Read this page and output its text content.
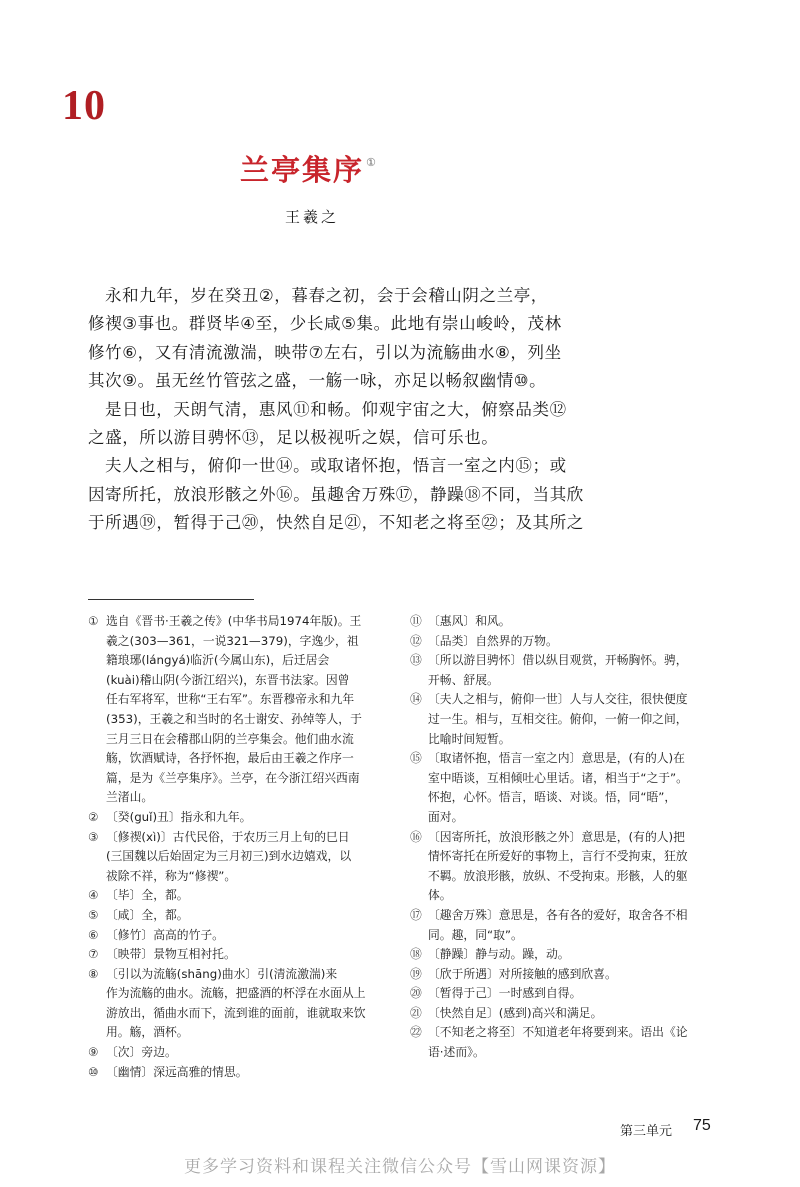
10
兰亭集序 ①
王羲之
永和九年，岁在癸丑②，暮春之初，会于会稽山阴之兰亭，
修禊③事也。群贤毕④至，少长咸⑤集。此地有崇山峻岭，茂林
修竹⑥，又有清流激湍，映带⑦左右，引以为流觞曲水⑧，列坐
其次⑨。虽无丝竹管弦之盛，一觞一咏，亦足以畅叙幽情⑩。
是日也，天朗气清，惠风⑪和畅。仰观宇宙之大，俯察品类⑫
之盛，所以游目骋怀⑬，足以极视听之娱，信可乐也。
夫人之相与，俯仰一世⑭。或取诸怀抱，悟言一室之内⑮；或
因寄所托，放浪形骸之外⑯。虽趣舍万殊⑰，静躁⑱不同，当其欣
于所遇⑲，暂得于己⑳，快然自足㉑，不知老之将至㉒；及其所之
① 选自《晋书·王羲之传》(中华书局1974年版)。王
羲之(303—361，一说321—379)，字逸少，祖
籍琅琊(lángyá)临沂(今属山东)，后迁居会
(kuài)稽山阴(今浙江绍兴)，东晋书法家。因曾
任右军将军，世称“王右军”。东晋穆帝永和九年
(353)，王羲之和当时的名士谢安、孙绰等人，于
三月三日在会稽郡山阴的兰亭集会。他们曲水流
觞，饮酒赋诗，各抒怀抱，最后由王羲之作序一
篇，是为《兰亭集序》。兰亭，在今浙江绍兴西南
兰渚山。
② 〔癸(guǐ)丑〕指永和九年。
③ 〔修禊(xì)〕古代民俗，于农历三月上旬的巳日
(三国魏以后始固定为三月初三)到水边嬉戏，以
祓除不祥，称为“修禊”。
④ 〔毕〕全，都。
⑤ 〔咸〕全，都。
⑥ 〔修竹〕高高的竹子。
⑦ 〔映带〕景物互相衬托。
⑧ 〔引以为流觞(shāng)曲水〕引(清流激湍)来
作为流觞的曲水。流觞，把盛酒的杯浮在水面从上
游放出，循曲水而下，流到谁的面前，谁就取来饮
用。觞，酒杯。
⑨ 〔次〕旁边。
⑩ 〔幽情〕深远高雅的情思。
⑪ 〔惠风〕和风。
⑫ 〔品类〕自然界的万物。
⑬ 〔所以游目骋怀〕借以纵目观赏，开畅胸怀。骋，
开畅、舒展。
⑭ 〔夫人之相与，俯仰一世〕人与人交往，很快便度
过一生。相与，互相交往。俯仰，一俯一仰之间，
比喻时间短暂。
⑮ 〔取诸怀抱，悟言一室之内〕意思是，(有的人)在
室中晤谈，互相倾吐心里话。诸，相当于“之于”。
怀抱，心怀。悟言，晤谈、对谈。悟，同“晤”，
面对。
⑯ 〔因寄所托，放浪形骸之外〕意思是，(有的人)把
情怀寄托在所爱好的事物上，言行不受拘束，狂放
不羁。放浪形骸，放纵、不受拘束。形骸，人的躯
体。
⑰ 〔趣舍万殊〕意思是，各有各的爱好，取舍各不相
同。趣，同“取”。
⑱ 〔静躁〕静与动。躁，动。
⑲ 〔欣于所遇〕对所接触的感到欣喜。
⑳ 〔暂得于己〕一时感到自得。
㉑ 〔快然自足〕(感到)高兴和满足。
㉒ 〔不知老之将至〕不知道老年将要到来。语出《论
语·述而》。
第三单元 75
更多学习资料和课程关注微信公众号【雪山网课资源】
